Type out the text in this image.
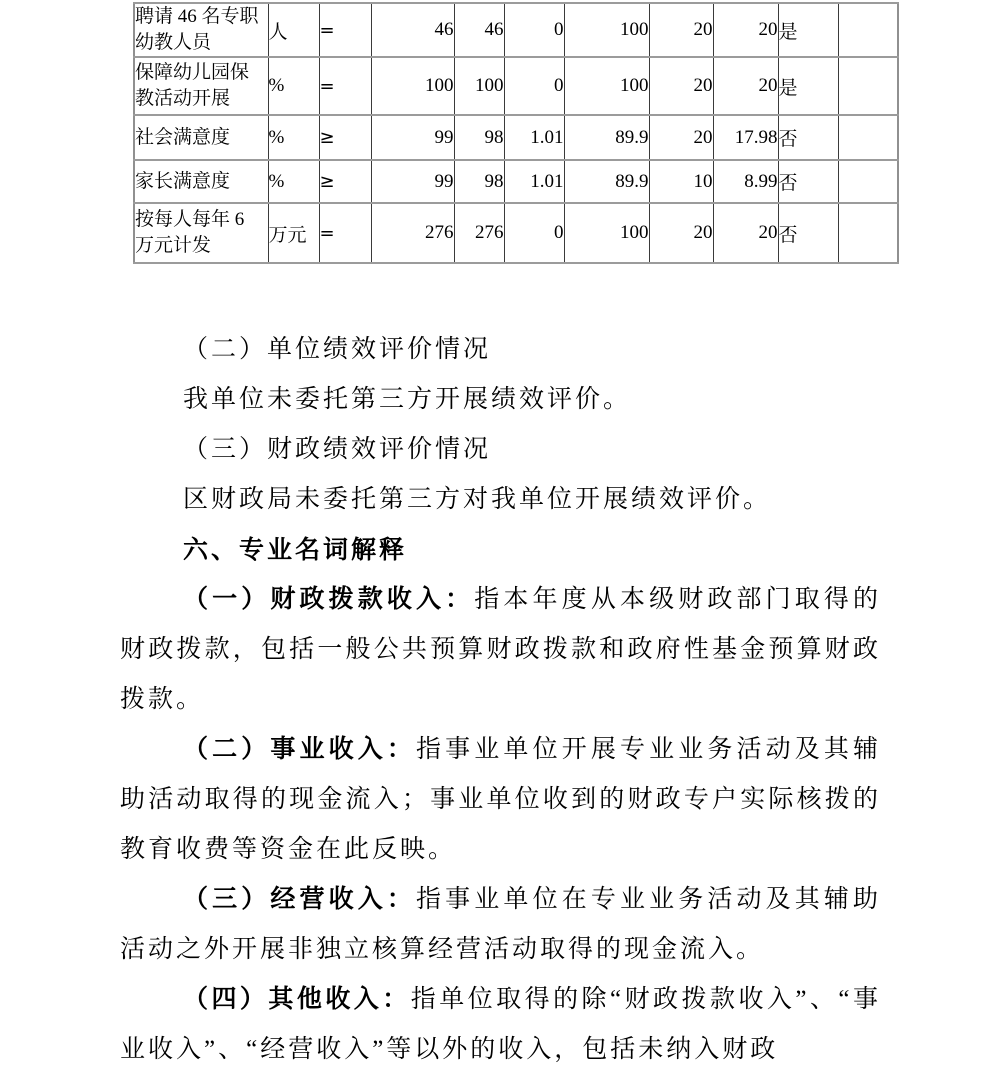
聘请 46 名专职幼教人员	人	=	46	46	0	100	20	20	是	
保障幼儿园保教活动开展	%	=	100	100	0	100	20	20	是	
社会满意度	%	≥	99	98	1.01	89.9	20	17.98	否	
家长满意度	%	≥	99	98	1.01	89.9	10	8.99	否	
按每人每年 6 万元计发	万元	=	276	276	0	100	20	20	否	

（二）单位绩效评价情况

我单位未委托第三方开展绩效评价。

（三）财政绩效评价情况

区财政局未委托第三方对我单位开展绩效评价。

六、专业名词解释

（一）财政拨款收入：指本年度从本级财政部门取得的财政拨款，包括一般公共预算财政拨款和政府性基金预算财政拨款。

（二）事业收入：指事业单位开展专业业务活动及其辅助活动取得的现金流入；事业单位收到的财政专户实际核拨的教育收费等资金在此反映。

（三）经营收入：指事业单位在专业业务活动及其辅助活动之外开展非独立核算经营活动取得的现金流入。

（四）其他收入：指单位取得的除“财政拨款收入”、“事业收入”、“经营收入”等以外的收入，包括未纳入财政
